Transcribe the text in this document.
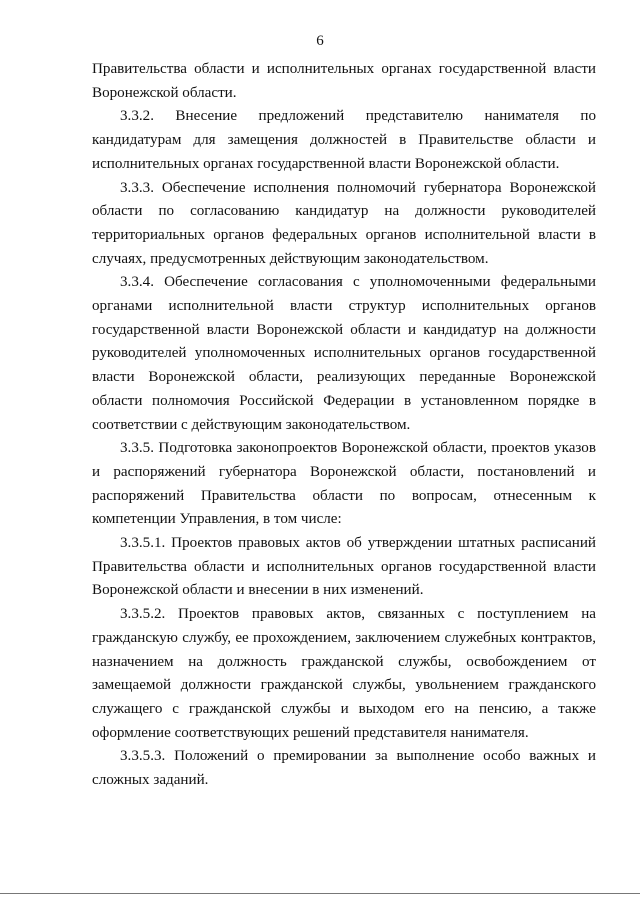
6

Правительства области и исполнительных органах государственной власти Воронежской области.

3.3.2. Внесение предложений представителю нанимателя по кандидатурам для замещения должностей в Правительстве области и исполнительных органах государственной власти Воронежской области.

3.3.3. Обеспечение исполнения полномочий губернатора Воронежской области по согласованию кандидатур на должности руководителей территориальных органов федеральных органов исполнительной власти в случаях, предусмотренных действующим законодательством.

3.3.4. Обеспечение согласования с уполномоченными федеральными органами исполнительной власти структур исполнительных органов государственной власти Воронежской области и кандидатур на должности руководителей уполномоченных исполнительных органов государственной власти Воронежской области, реализующих переданные Воронежской области полномочия Российской Федерации в установленном порядке в соответствии с действующим законодательством.

3.3.5. Подготовка законопроектов Воронежской области, проектов указов и распоряжений губернатора Воронежской области, постановлений и распоряжений Правительства области по вопросам, отнесенным к компетенции Управления, в том числе:

3.3.5.1. Проектов правовых актов об утверждении штатных расписаний Правительства области и исполнительных органов государственной власти Воронежской области и внесении в них изменений.

3.3.5.2. Проектов правовых актов, связанных с поступлением на гражданскую службу, ее прохождением, заключением служебных контрактов, назначением на должность гражданской службы, освобождением от замещаемой должности гражданской службы, увольнением гражданского служащего с гражданской службы и выходом его на пенсию, а также оформление соответствующих решений представителя нанимателя.

3.3.5.3. Положений о премировании за выполнение особо важных и сложных заданий.
